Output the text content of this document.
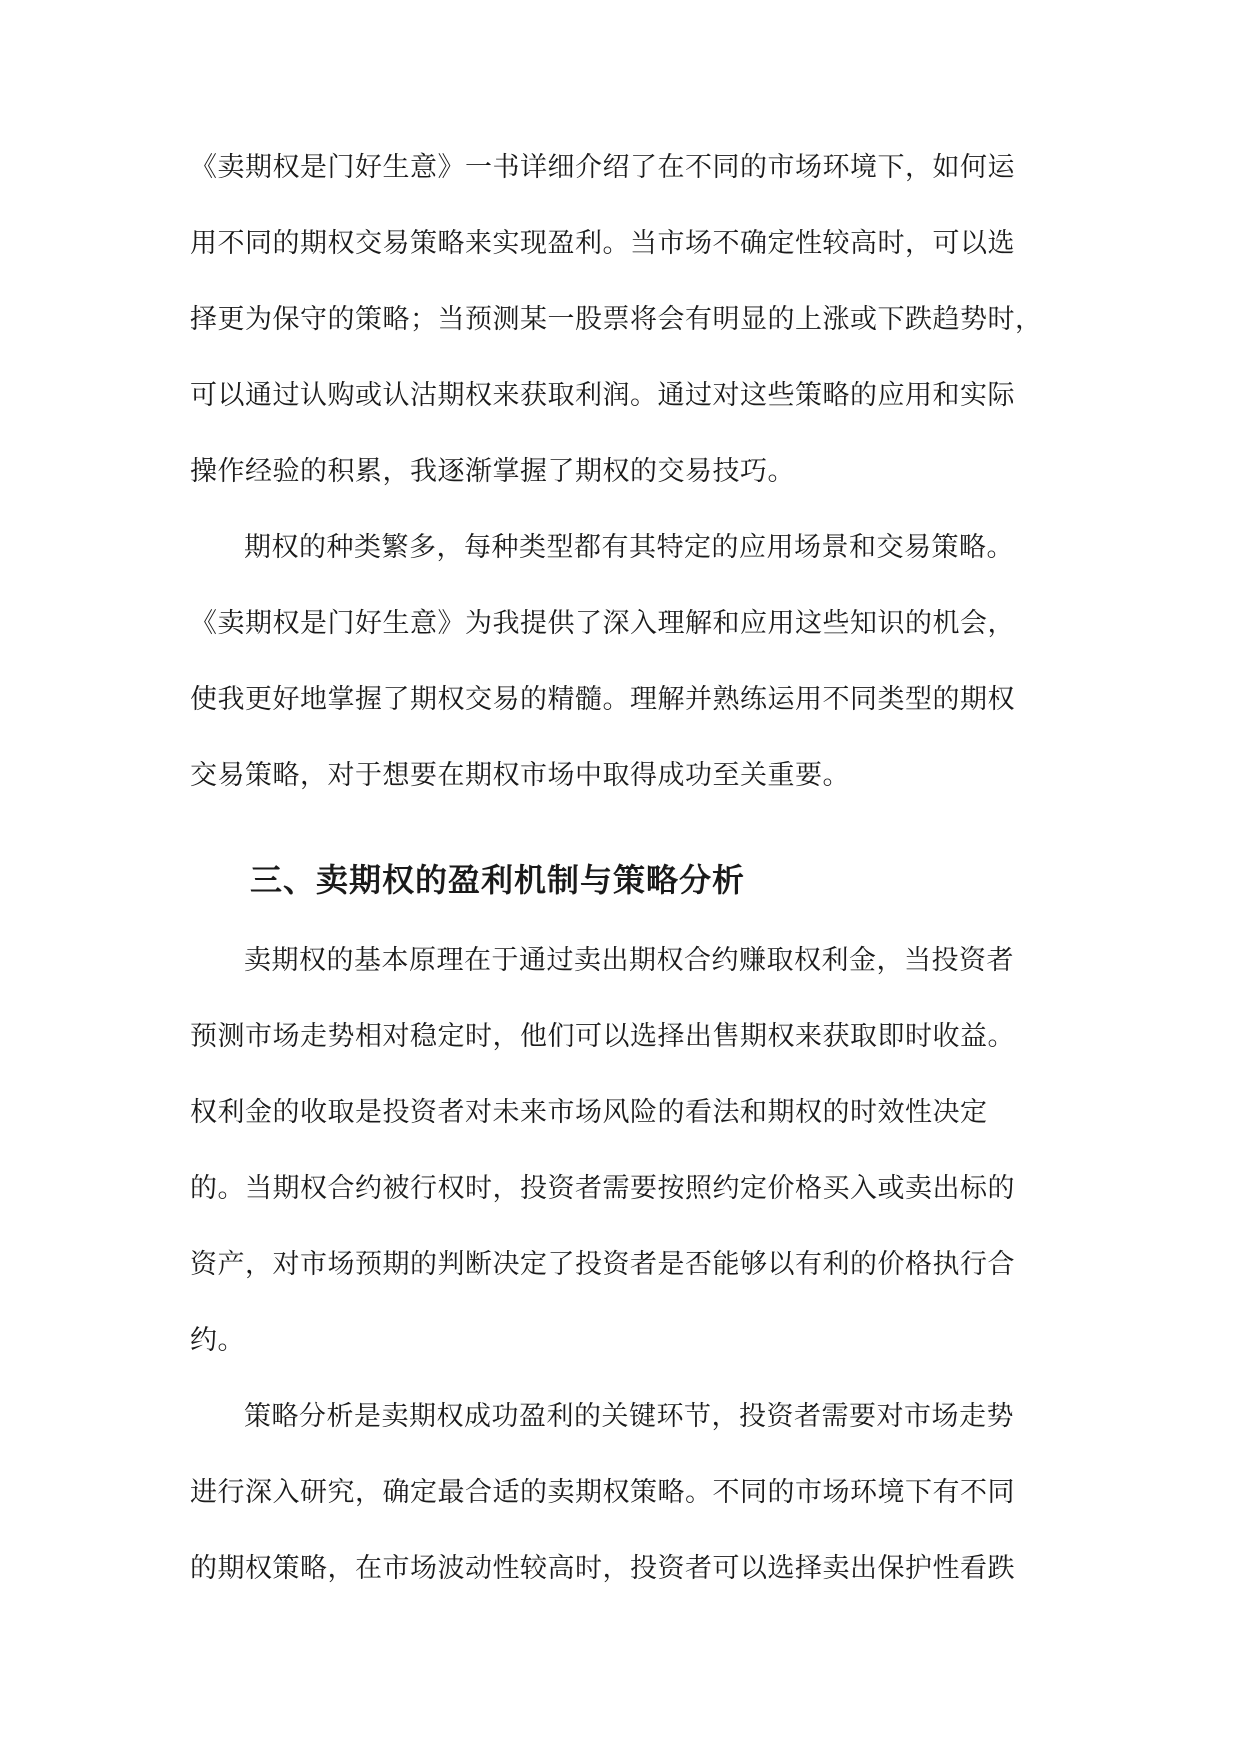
《卖期权是门好生意》一书详细介绍了在不同的市场环境下，如何运
用不同的期权交易策略来实现盈利。当市场不确定性较高时，可以选
择更为保守的策略；当预测某一股票将会有明显的上涨或下跌趋势时，
可以通过认购或认沽期权来获取利润。通过对这些策略的应用和实际
操作经验的积累，我逐渐掌握了期权的交易技巧。
期权的种类繁多，每种类型都有其特定的应用场景和交易策略。
《卖期权是门好生意》为我提供了深入理解和应用这些知识的机会，
使我更好地掌握了期权交易的精髓。理解并熟练运用不同类型的期权
交易策略，对于想要在期权市场中取得成功至关重要。
三、卖期权的盈利机制与策略分析
卖期权的基本原理在于通过卖出期权合约赚取权利金，当投资者
预测市场走势相对稳定时，他们可以选择出售期权来获取即时收益。
权利金的收取是投资者对未来市场风险的看法和期权的时效性决定
的。当期权合约被行权时，投资者需要按照约定价格买入或卖出标的
资产，对市场预期的判断决定了投资者是否能够以有利的价格执行合
约。
策略分析是卖期权成功盈利的关键环节，投资者需要对市场走势
进行深入研究，确定最合适的卖期权策略。不同的市场环境下有不同
的期权策略，在市场波动性较高时，投资者可以选择卖出保护性看跌
